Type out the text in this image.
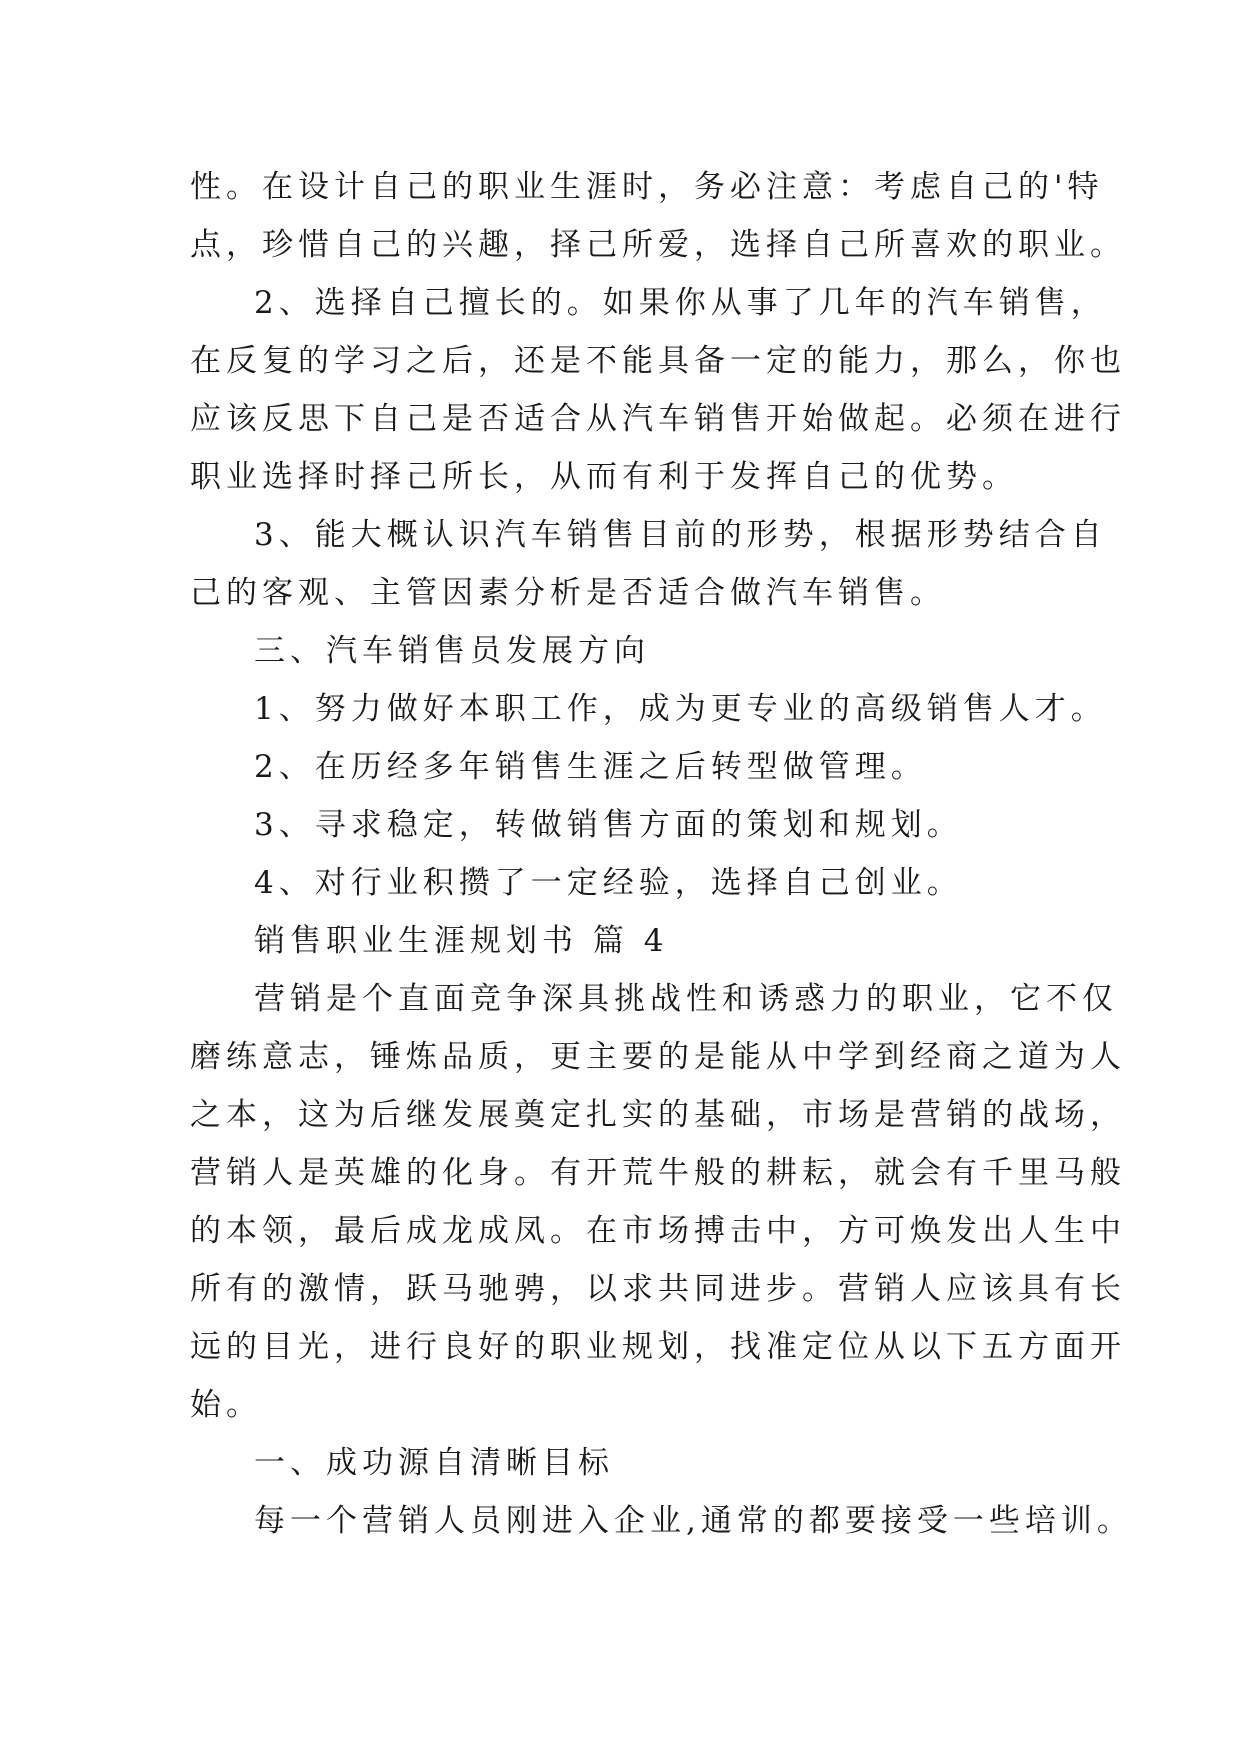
性。在设计自己的职业生涯时，务必注意：考虑自己的'特
点，珍惜自己的兴趣，择己所爱，选择自己所喜欢的职业。
2、选择自己擅长的。如果你从事了几年的汽车销售，
在反复的学习之后，还是不能具备一定的能力，那么，你也
应该反思下自己是否适合从汽车销售开始做起。必须在进行
职业选择时择己所长，从而有利于发挥自己的优势。
3、能大概认识汽车销售目前的形势，根据形势结合自
己的客观、主管因素分析是否适合做汽车销售。
三、汽车销售员发展方向
1、努力做好本职工作，成为更专业的高级销售人才。
2、在历经多年销售生涯之后转型做管理。
3、寻求稳定，转做销售方面的策划和规划。
4、对行业积攒了一定经验，选择自己创业。
销售职业生涯规划书 篇 4
营销是个直面竞争深具挑战性和诱惑力的职业，它不仅
磨练意志，锤炼品质，更主要的是能从中学到经商之道为人
之本，这为后继发展奠定扎实的基础，市场是营销的战场，
营销人是英雄的化身。有开荒牛般的耕耘，就会有千里马般
的本领，最后成龙成凤。在市场搏击中，方可焕发出人生中
所有的激情，跃马驰骋，以求共同进步。营销人应该具有长
远的目光，进行良好的职业规划，找准定位从以下五方面开
始。
一、成功源自清晰目标
每一个营销人员刚进入企业,通常的都要接受一些培训。
